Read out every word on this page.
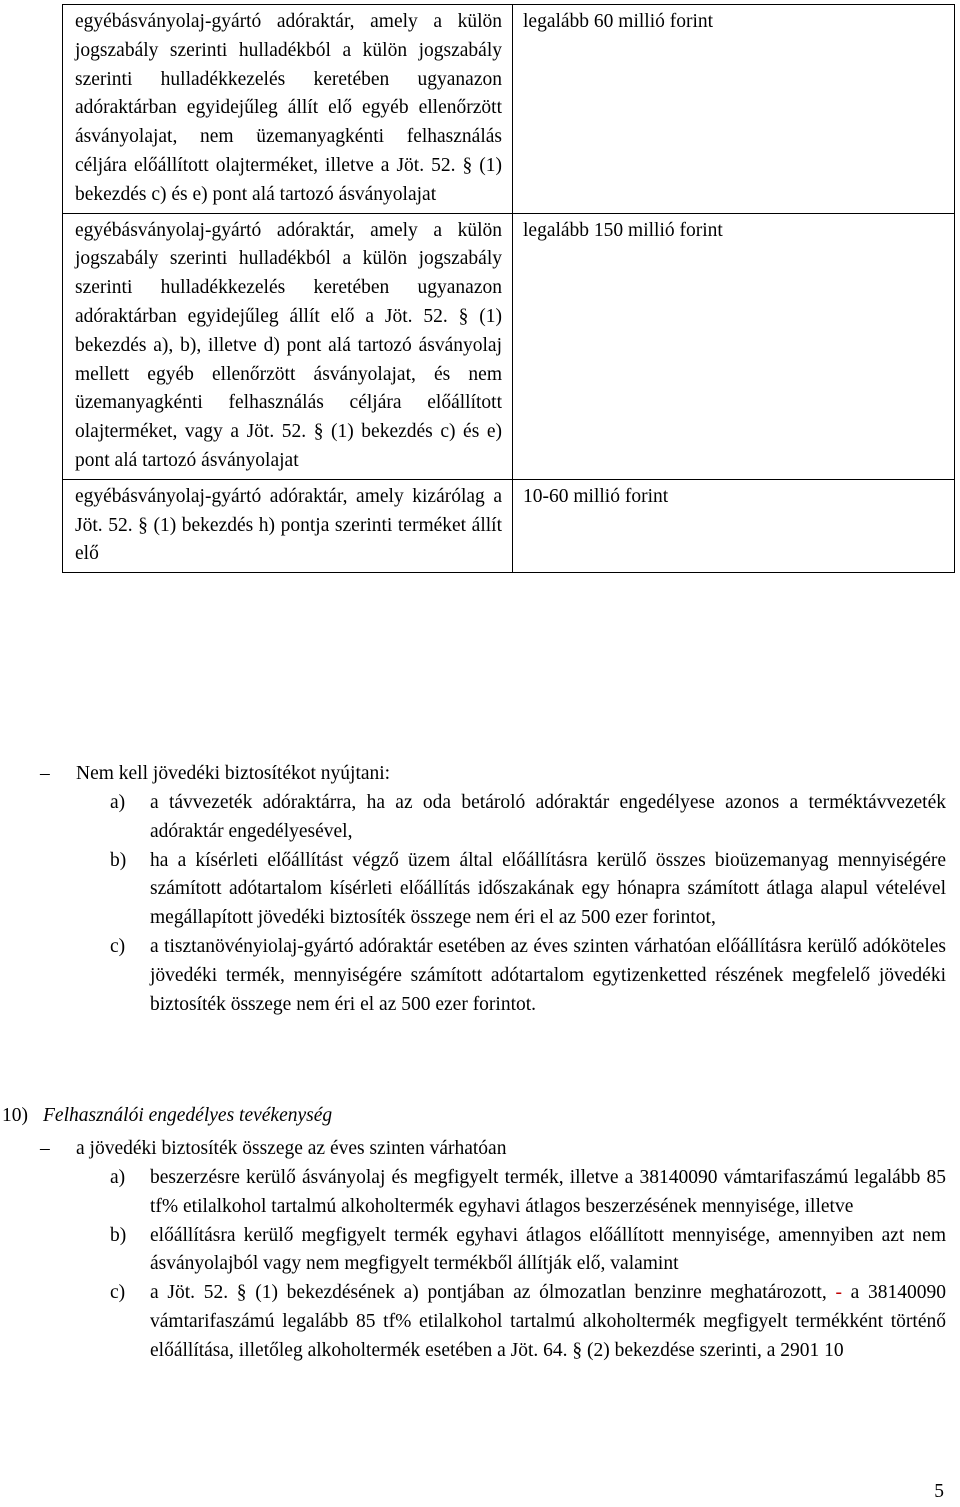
egyébásványolaj-gyártó adóraktár, amely a külön jogszabály szerinti hulladékból a külön jogszabály szerinti hulladékkezelés keretében ugyanazon adóraktárban egyidejűleg állít elő egyéb ellenőrzött ásványolajat, nem üzemanyagkénti felhasználás céljára előállított olajterméket, illetve a Jöt. 52. § (1) bekezdés c) és e) pont alá tartozó ásványolajat	legalább 60 millió forint

egyébásványolaj-gyártó adóraktár, amely a külön jogszabály szerinti hulladékból a külön jogszabály szerinti hulladékkezelés keretében ugyanazon adóraktárban egyidejűleg állít elő a Jöt. 52. § (1) bekezdés a), b), illetve d) pont alá tartozó ásványolaj mellett egyéb ellenőrzött ásványolajat, és nem üzemanyagkénti felhasználás céljára előállított olajterméket, vagy a Jöt. 52. § (1) bekezdés c) és e) pont alá tartozó ásványolajat	legalább 150 millió forint

egyébásványolaj-gyártó adóraktár, amely kizárólag a Jöt. 52. § (1) bekezdés h) pontja szerinti terméket állít elő	10-60 millió forint
–	Nem kell jövedéki biztosítékot nyújtani:

a) a távvezeték adóraktárra, ha az oda betároló adóraktár engedélyese azonos a terméktávvezeték adóraktár engedélyesével,

b) ha a kísérleti előállítást végző üzem által előállításra kerülő összes bioüzemanyag mennyiségére számított adótartalom kísérleti előállítás időszakának egy hónapra számított átlaga alapul vételével megállapított jövedéki biztosíték összege nem éri el az 500 ezer forintot,

c) a tisztanövényiolaj-gyártó adóraktár esetében az éves szinten várhatóan előállításra kerülő adóköteles jövedéki termék, mennyiségére számított adótartalom egytizenketted részének megfelelő jövedéki biztosíték összege nem éri el az 500 ezer forintot.

10) Felhasználói engedélyes tevékenység
–	a jövedéki biztosíték összege az éves szinten várhatóan

a) beszerzésre kerülő ásványolaj és megfigyelt termék, illetve a 38140090 vámtarifaszámú legalább 85 tf% etilalkohol tartalmú alkoholtermék egyhavi átlagos beszerzésének mennyisége, illetve

b) előállításra kerülő megfigyelt termék egyhavi átlagos előállított mennyisége, amennyiben azt nem ásványolajból vagy nem megfigyelt termékből állítják elő, valamint

c) a Jöt. 52. § (1) bekezdésének a) pontjában az ólmozatlan benzinre meghatározott, - a 38140090 vámtarifaszámú legalább 85 tf% etilalkohol tartalmú alkoholtermék megfigyelt termékként történő előállítása, illetőleg alkoholtermék esetében a Jöt. 64. § (2) bekezdése szerinti, a 2901 10

5
